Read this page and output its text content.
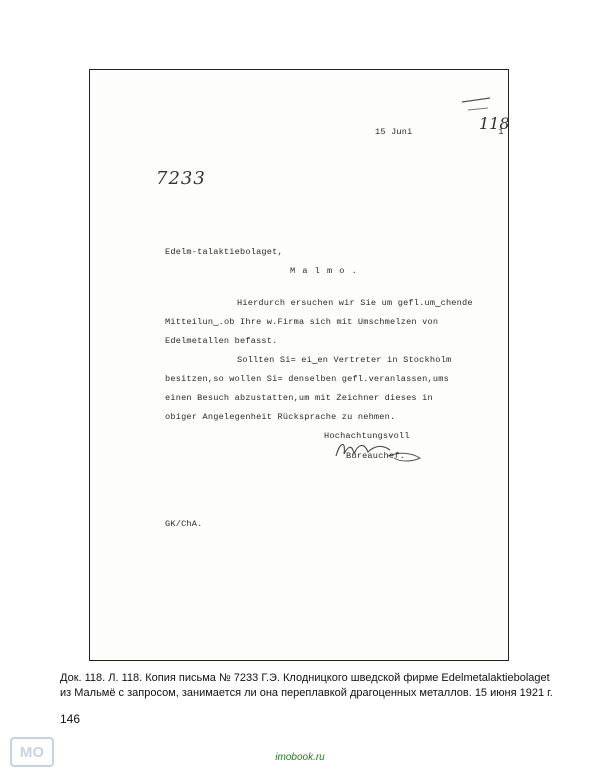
118
15 Juni                1
7233
Edelm-talaktiebolaget,
M a l m o .
Hierdurch ersuchen wir Sie um gefl.um‿chende
Mitteilun‿.ob Ihre w.Firma sich mit Umschmelzen von
Edelmetallen befasst.
Sollten Si= ei‿en Vertreter in Stockholm
besitzen,so wollen Si= denselben gefl.veranlassen,ums
einen Besuch abzustatten,um mit Zeichner dieses in
obiger Angelegenheit Rücksprache zu nehmen.
Hochachtungsvoll
Bureauchef.
GK/ChA.
Док. 118. Л. 118. Копия письма № 7233 Г.Э. Клодницкого шведской фирме Edelmetalaktiebolaget из Мальмё с запросом, занимается ли она переплавкой драгоценных металлов. 15 июня 1921 г.
146
MO	imobook.ru
